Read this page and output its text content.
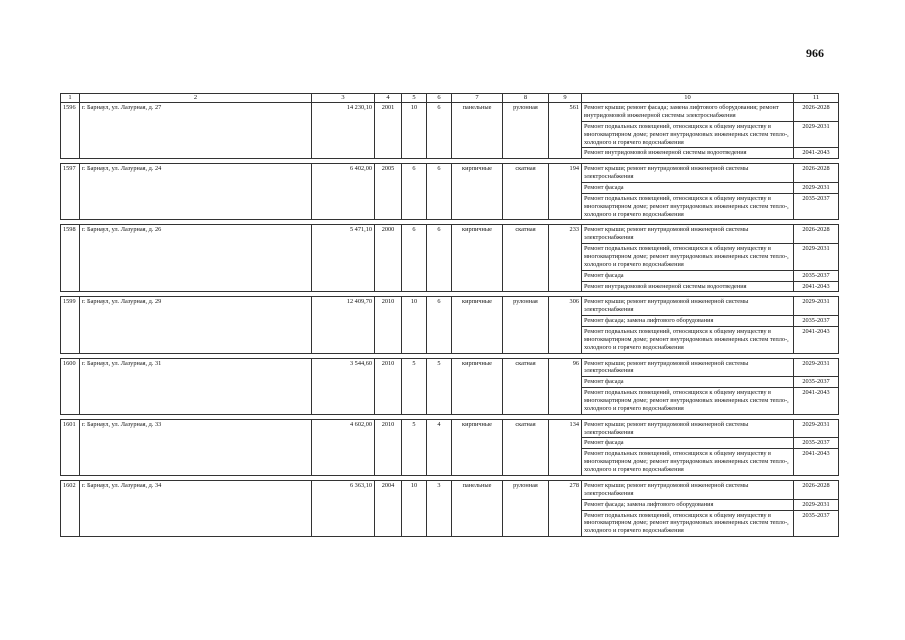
966
1	2	3	4	5	6	7	8	9	10	11
1596	г. Барнаул, ул. Лазурная, д. 27	14 230,10	2001	10	6	панельные	рулонная	561	Ремонт крыши; ремонт фасада; замена лифтового оборудования; ремонт внутридомовой инженерной системы электроснабжения	2026-2028
									Ремонт подвальных помещений, относящихся к общему имуществу в многоквартирном доме; ремонт внутридомовых инженерных систем тепло-, холодного и горячего водоснабжения	2029-2031
									Ремонт внутридомовой инженерной системы водоотведения	2041-2043

1597	г. Барнаул, ул. Лазурная, д. 24	6 402,00	2005	6	6	кирпичные	скатная	194	Ремонт крыши; ремонт внутридомовой инженерной системы электроснабжения	2026-2028
									Ремонт фасада	2029-2031
									Ремонт подвальных помещений, относящихся к общему имуществу в многоквартирном доме; ремонт внутридомовых инженерных систем тепло-, холодного и горячего водоснабжения	2035-2037

1598	г. Барнаул, ул. Лазурная, д. 26	5 471,10	2000	6	6	кирпичные	скатная	233	Ремонт крыши; ремонт внутридомовой инженерной системы электроснабжения	2026-2028
									Ремонт подвальных помещений, относящихся к общему имуществу в многоквартирном доме; ремонт внутридомовых инженерных систем тепло-, холодного и горячего водоснабжения	2029-2031
									Ремонт фасада	2035-2037
									Ремонт внутридомовой инженерной системы водоотведения	2041-2043

1599	г. Барнаул, ул. Лазурная, д. 29	12 409,70	2010	10	6	кирпичные	рулонная	306	Ремонт крыши; ремонт внутридомовой инженерной системы электроснабжения	2029-2031
									Ремонт фасада; замена лифтового оборудования	2035-2037
									Ремонт подвальных помещений, относящихся к общему имуществу в многоквартирном доме; ремонт внутридомовых инженерных систем тепло-, холодного и горячего водоснабжения	2041-2043

1600	г. Барнаул, ул. Лазурная, д. 31	3 544,60	2010	5	5	кирпичные	скатная	96	Ремонт крыши; ремонт внутридомовой инженерной системы электроснабжения	2029-2031
									Ремонт фасада	2035-2037
									Ремонт подвальных помещений, относящихся к общему имуществу в многоквартирном доме; ремонт внутридомовых инженерных систем тепло-, холодного и горячего водоснабжения	2041-2043

1601	г. Барнаул, ул. Лазурная, д. 33	4 602,00	2010	5	4	кирпичные	скатная	134	Ремонт крыши; ремонт внутридомовой инженерной системы электроснабжения	2029-2031
									Ремонт фасада	2035-2037
									Ремонт подвальных помещений, относящихся к общему имуществу в многоквартирном доме; ремонт внутридомовых инженерных систем тепло-, холодного и горячего водоснабжения	2041-2043

1602	г. Барнаул, ул. Лазурная, д. 34	6 363,10	2004	10	3	панельные	рулонная	278	Ремонт крыши; ремонт внутридомовой инженерной системы электроснабжения	2026-2028
									Ремонт фасада; замена лифтового оборудования	2029-2031
									Ремонт подвальных помещений, относящихся к общему имуществу в многоквартирном доме; ремонт внутридомовых инженерных систем тепло-, холодного и горячего водоснабжения	2035-2037
